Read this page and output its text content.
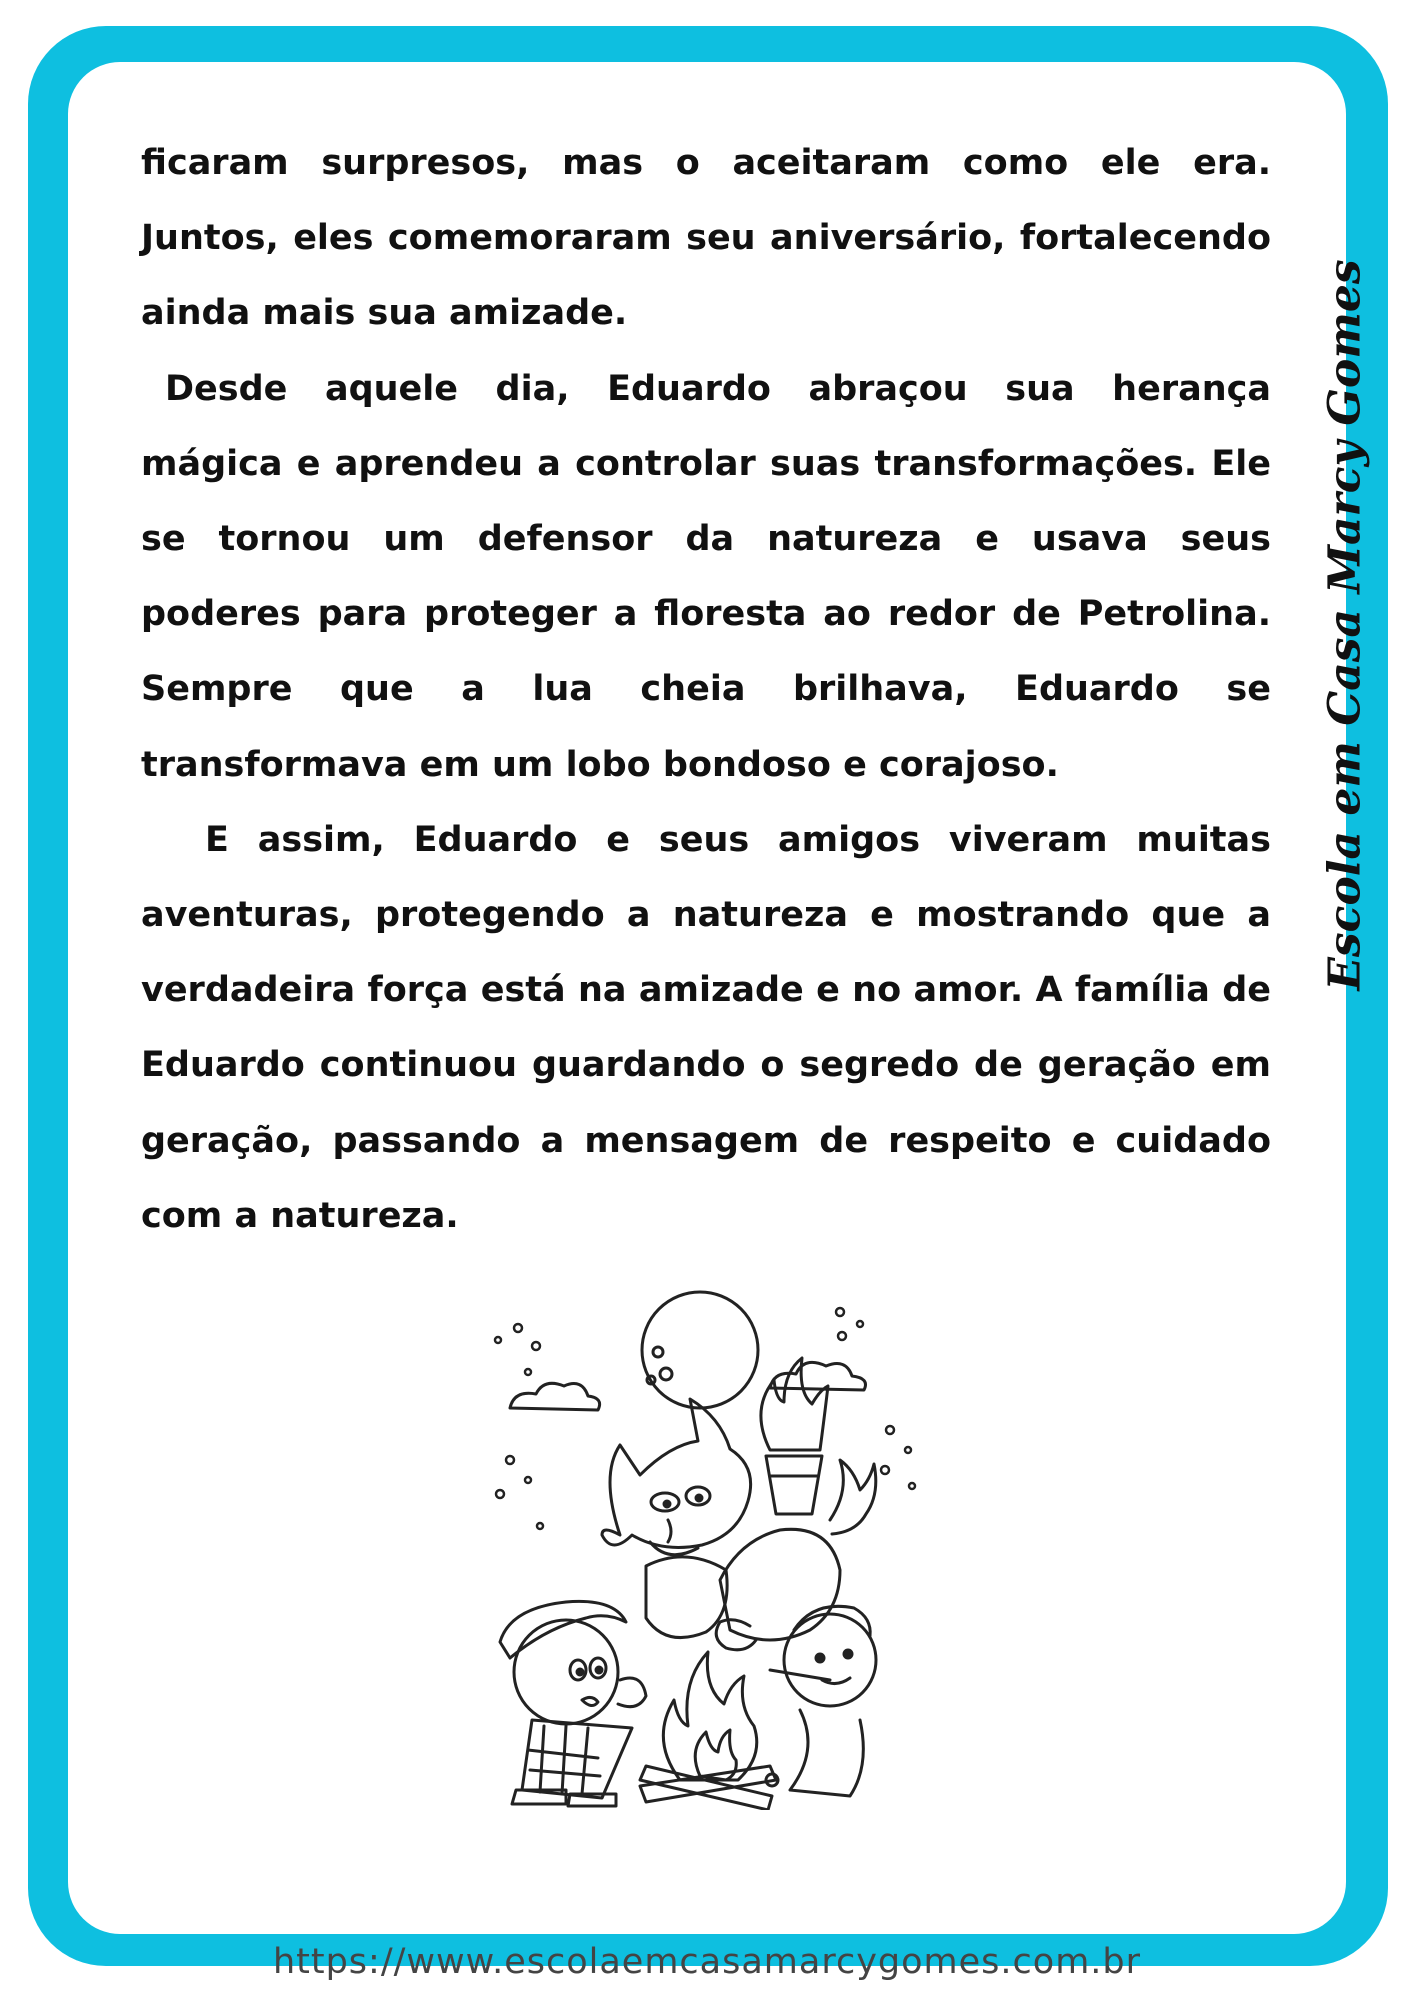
ficaram surpresos, mas o aceitaram como ele era. Juntos, eles comemoraram seu aniversário, fortalecendo ainda mais sua amizade.

Desde aquele dia, Eduardo abraçou sua herança mágica e aprendeu a controlar suas transformações. Ele se tornou um defensor da natureza e usava seus poderes para proteger a floresta ao redor de Petrolina. Sempre que a lua cheia brilhava, Eduardo se transformava em um lobo bondoso e corajoso.

E assim, Eduardo e seus amigos viveram muitas aventuras, protegendo a natureza e mostrando que a verdadeira força está na amizade e no amor. A família de Eduardo continuou guardando o segredo de geração em geração, passando a mensagem de respeito e cuidado com a natureza.

Escola em Casa Marcy Gomes
https://www.escolaemcasamarcygomes.com.br
